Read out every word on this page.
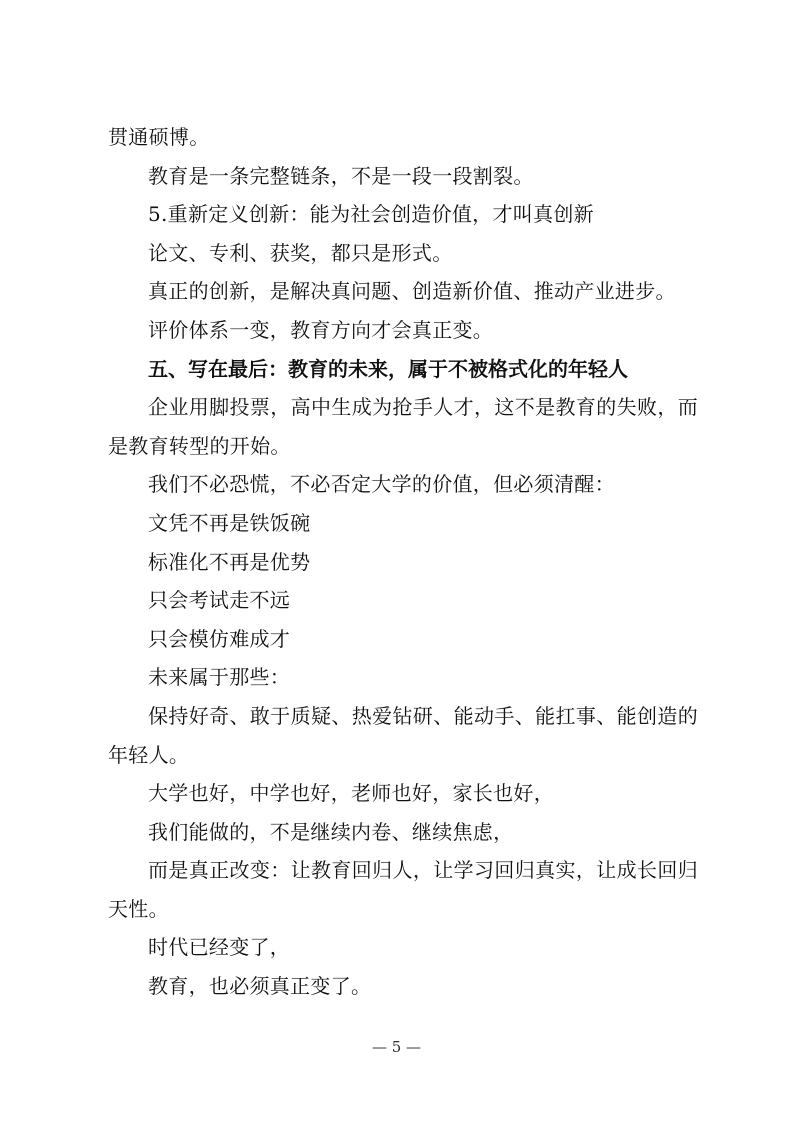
贯通硕博。

教育是一条完整链条，不是一段一段割裂。

5.重新定义创新：能为社会创造价值，才叫真创新

论文、专利、获奖，都只是形式。

真正的创新，是解决真问题、创造新价值、推动产业进步。

评价体系一变，教育方向才会真正变。

五、写在最后：教育的未来，属于不被格式化的年轻人

企业用脚投票，高中生成为抢手人才，这不是教育的失败，而是教育转型的开始。

我们不必恐慌，不必否定大学的价值，但必须清醒：

文凭不再是铁饭碗

标准化不再是优势

只会考试走不远

只会模仿难成才

未来属于那些：

保持好奇、敢于质疑、热爱钻研、能动手、能扛事、能创造的年轻人。

大学也好，中学也好，老师也好，家长也好，

我们能做的，不是继续内卷、继续焦虑，

而是真正改变：让教育回归人，让学习回归真实，让成长回归天性。

时代已经变了，

教育，也必须真正变了。

— 5 —
